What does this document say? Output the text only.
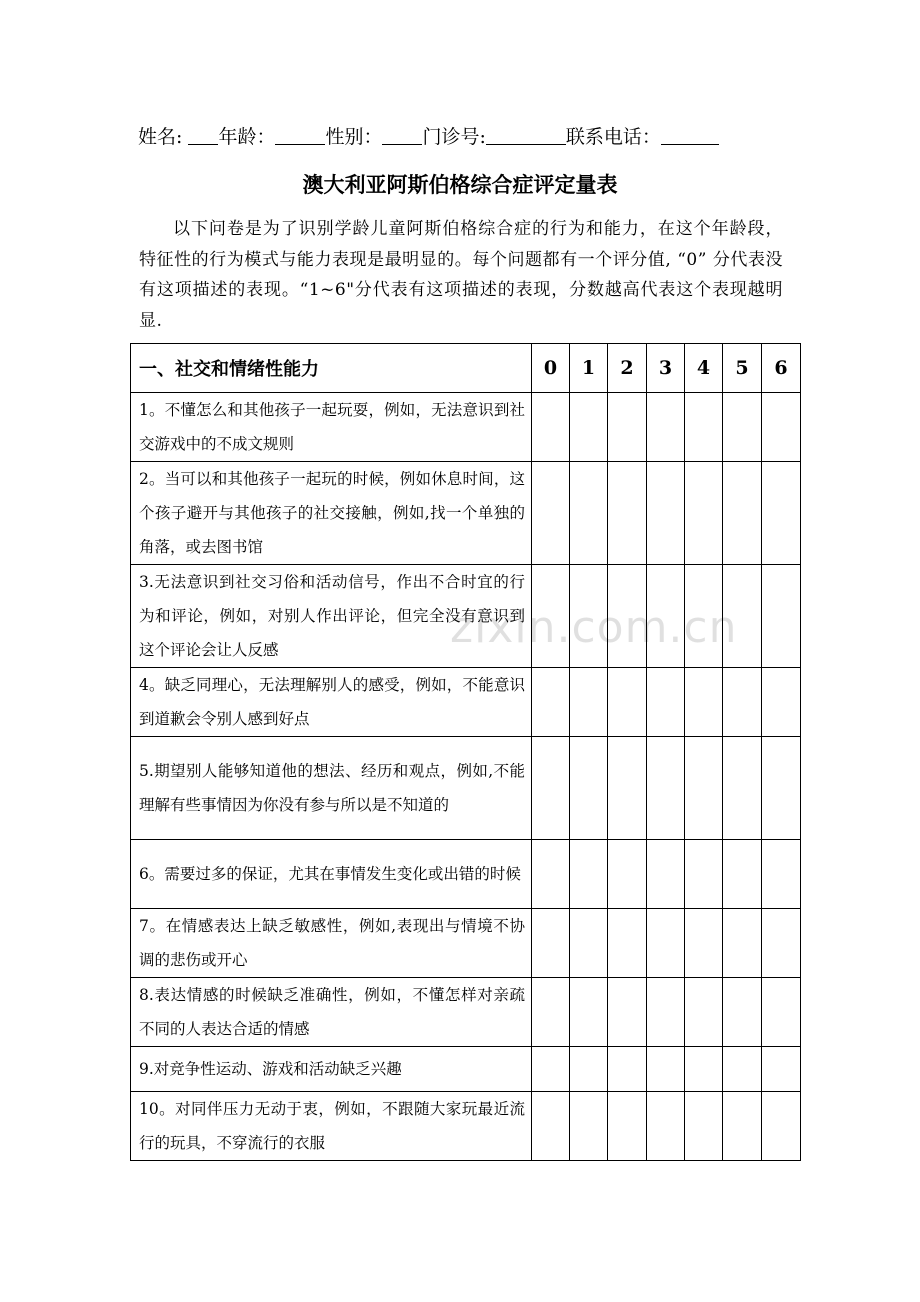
姓名: 年龄：	性别： 门诊号:	联系电话：
澳大利亚阿斯伯格综合症评定量表
以下问卷是为了识别学龄儿童阿斯伯格综合症的行为和能力，在这个年龄段，特征性的行为模式与能力表现是最明显的。每个问题都有一个评分值, “0” 分代表没有这项描述的表现。“1~6"分代表有这项描述的表现，分数越高代表这个表现越明显.
一、社交和情绪性能力	0	1	2	3	4	5	6
1。不懂怎么和其他孩子一起玩耍，例如，无法意识到社交游戏中的不成文规则							
2。当可以和其他孩子一起玩的时候，例如休息时间，这个孩子避开与其他孩子的社交接触，例如,找一个单独的角落，或去图书馆							
3.无法意识到社交习俗和活动信号，作出不合时宜的行为和评论，例如，对别人作出评论，但完全没有意识到这个评论会让人反感							
4。缺乏同理心，无法理解别人的感受，例如，不能意识到道歉会令别人感到好点							
5.期望别人能够知道他的想法、经历和观点，例如,不能理解有些事情因为你没有参与所以是不知道的							
6。需要过多的保证，尤其在事情发生变化或出错的时候							
7。在情感表达上缺乏敏感性，例如,表现出与情境不协调的悲伤或开心							
8.表达情感的时候缺乏准确性，例如，不懂怎样对亲疏不同的人表达合适的情感							
9.对竞争性运动、游戏和活动缺乏兴趣							
10。对同伴压力无动于衷，例如，不跟随大家玩最近流行的玩具，不穿流行的衣服							
zixin.com.cn
